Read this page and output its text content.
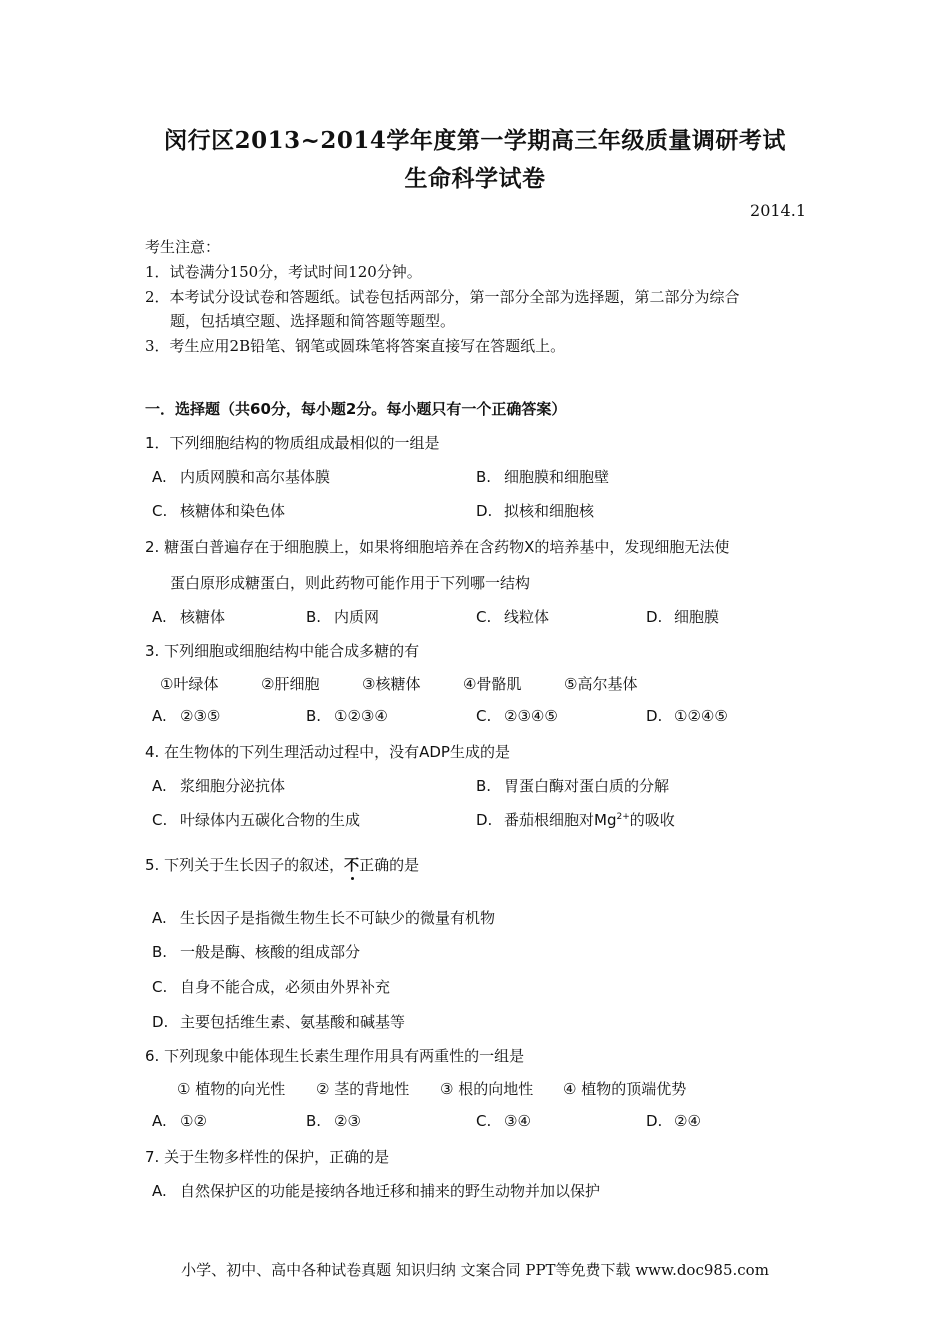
闵行区2013~2014学年度第一学期高三年级质量调研考试
生命科学试卷
2014.1
考生注意：
1．试卷满分150分，考试时间120分钟。
2．本考试分设试卷和答题纸。试卷包括两部分，第一部分全部为选择题，第二部分为综合
题，包括填空题、选择题和简答题等题型。
3．考生应用2B铅笔、钢笔或圆珠笔将答案直接写在答题纸上。
一．选择题（共60分，每小题2分。每小题只有一个正确答案）
1．下列细胞结构的物质组成最相似的一组是
A. 内质网膜和高尔基体膜	B. 细胞膜和细胞壁
C. 核糖体和染色体	D. 拟核和细胞核
2. 糖蛋白普遍存在于细胞膜上，如果将细胞培养在含药物X的培养基中，发现细胞无法使
蛋白原形成糖蛋白，则此药物可能作用于下列哪一结构
A. 核糖体	B. 内质网	C. 线粒体	D. 细胞膜
3. 下列细胞或细胞结构中能合成多糖的有
①叶绿体	②肝细胞	③核糖体	④骨骼肌	⑤高尔基体
A. ②③⑤	B. ①②③④	C. ②③④⑤	D. ①②④⑤
4. 在生物体的下列生理活动过程中，没有ADP生成的是
A. 浆细胞分泌抗体	B. 胃蛋白酶对蛋白质的分解
C. 叶绿体内五碳化合物的生成	D. 番茄根细胞对$Mg^{2+}$的吸收
5. 下列关于生长因子的叙述，不正确的是
A. 生长因子是指微生物生长不可缺少的微量有机物
B. 一般是酶、核酸的组成部分
C. 自身不能合成，必须由外界补充
D. 主要包括维生素、氨基酸和碱基等
6. 下列现象中能体现生长素生理作用具有两重性的一组是
① 植物的向光性 ② 茎的背地性 ③ 根的向地性 ④ 植物的顶端优势
A. ①②	B. ②③	C. ③④	D. ②④
7. 关于生物多样性的保护，正确的是
A. 自然保护区的功能是接纳各地迁移和捕来的野生动物并加以保护
小学、初中、高中各种试卷真题 知识归纳 文案合同 PPT等免费下载 www.doc985.com
